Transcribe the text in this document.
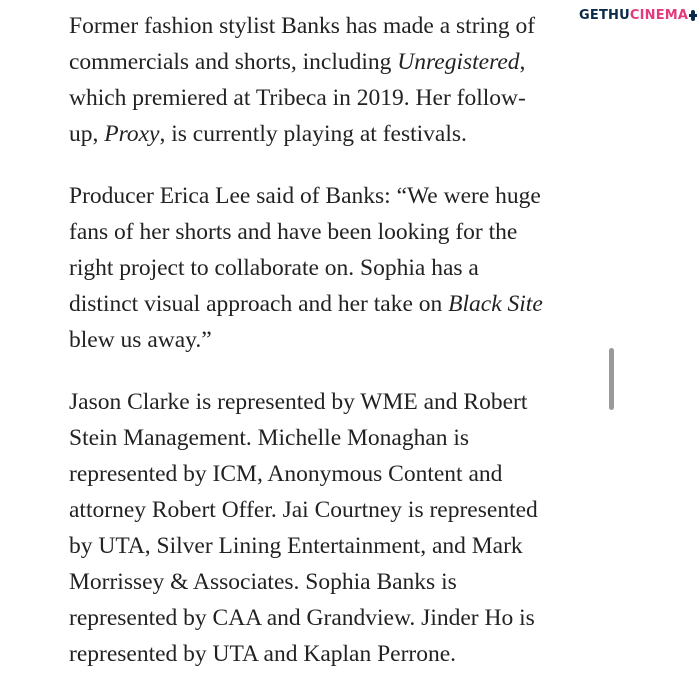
Former fashion stylist Banks has made a string of
commercials and shorts, including Unregistered,
which premiered at Tribeca in 2019. Her follow-
up, Proxy, is currently playing at festivals.

Producer Erica Lee said of Banks: “We were huge
fans of her shorts and have been looking for the
right project to collaborate on. Sophia has a
distinct visual approach and her take on Black Site
blew us away.”

Jason Clarke is represented by WME and Robert
Stein Management. Michelle Monaghan is
represented by ICM, Anonymous Content and
attorney Robert Offer. Jai Courtney is represented
by UTA, Silver Lining Entertainment, and Mark
Morrissey & Associates. Sophia Banks is
represented by CAA and Grandview. Jinder Ho is
represented by UTA and Kaplan Perrone.

GETHU CINEMA
